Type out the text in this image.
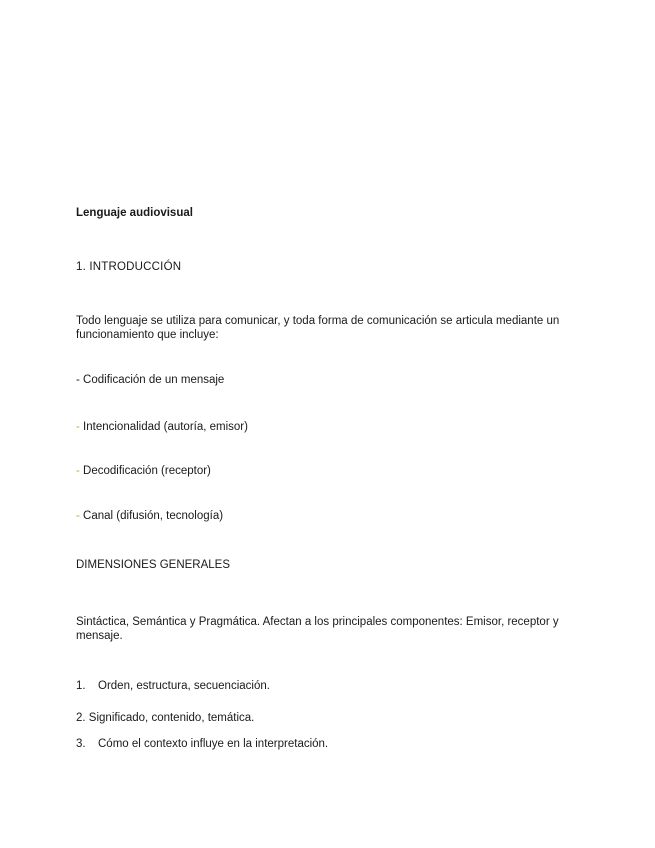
Lenguaje audiovisual
1. INTRODUCCIÓN
Todo lenguaje se utiliza para comunicar, y toda forma de comunicación se articula mediante un funcionamiento que incluye:
- Codificación de un mensaje
- Intencionalidad (autoría, emisor)
- Decodificación (receptor)
- Canal (difusión, tecnología)
DIMENSIONES GENERALES
Sintáctica, Semántica y Pragmática. Afectan a los principales componentes: Emisor, receptor y mensaje.
1. Orden, estructura, secuenciación.
2. Significado, contenido, temática.
3. Cómo el contexto influye en la interpretación.
